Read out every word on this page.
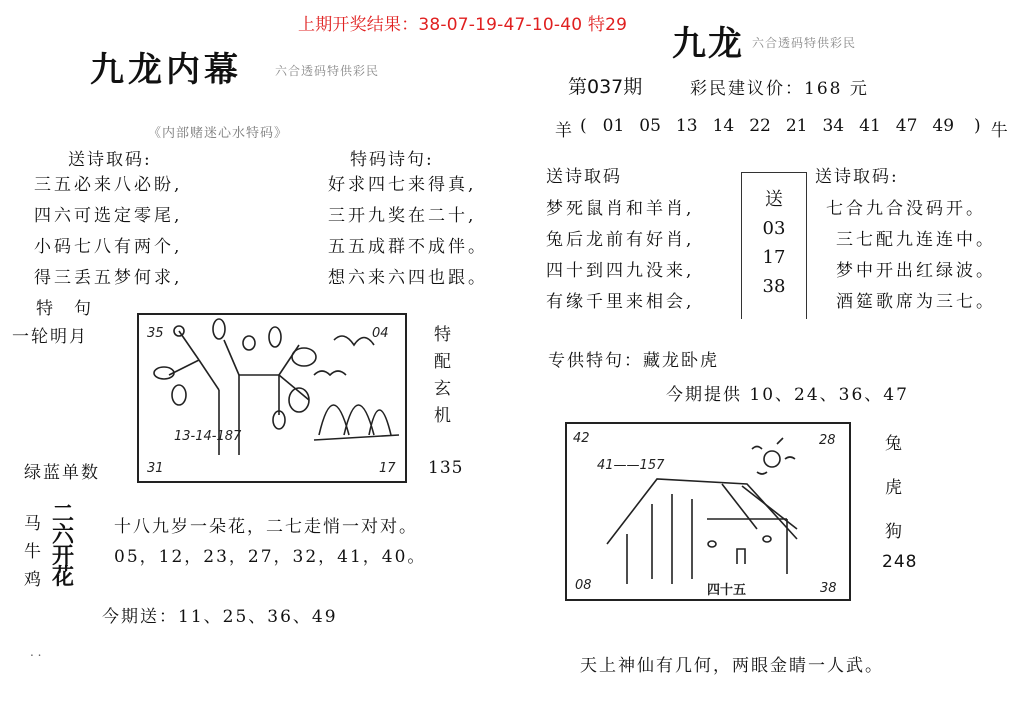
上期开奖结果：38-07-19-47-10-40 特29
九龙内幕	六合透码特供彩民
《内部赌迷心水特码》
送诗取码:
三五必来八必盼,
四六可选定零尾,
小码七八有两个,
得三丢五梦何求,
特码诗句:
好求四七来得真,
三开九奖在二十,
五五成群不成伴。
想六来六四也跟。
特　句
一轮明月	35	04
31	17
13-14-187
特
配
玄
机
135
绿蓝单数
马
牛
鸡
二
六
开
花
十八九岁一朵花，二七走悄一对对。
05，12，23，27，32，41，40。
今期送：11、25、36、49
. .
九龙 六合透码特供彩民
第037期	彩民建议价：168 元
羊 ( 01 05 13 14 22 21 34 41 47 49 ) 牛
送诗取码
梦死鼠肖和羊肖,
兔后龙前有好肖,
四十到四九没来,
有缘千里来相会,
送
03
17
38
送诗取码:
七合九合没码开。
三七配九连连中。
梦中开出红绿波。
酒筵歌席为三七。
专供特句：藏龙卧虎
今期提供 10、24、36、47
42	28
08	38
41——157
四十五
兔
虎
狗
248
天上神仙有几何，两眼金睛一人武。
